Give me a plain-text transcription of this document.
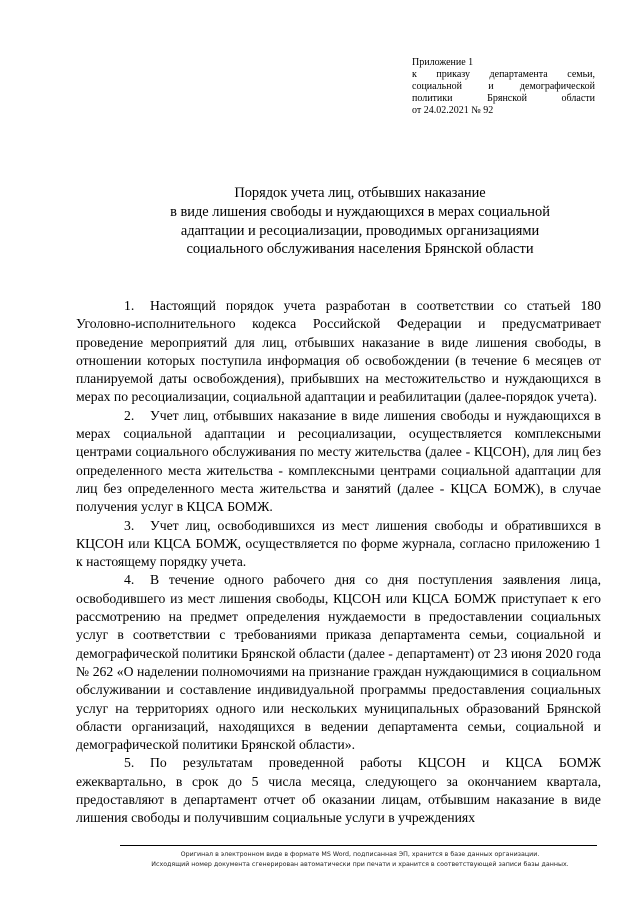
Приложение 1
к приказу департамента семьи,
социальной и демографической
политики Брянской области
от 24.02.2021 № 92
Порядок учета лиц, отбывших наказание
в виде лишения свободы и нуждающихся в мерах социальной
адаптации и ресоциализации, проводимых организациями
социального обслуживания населения Брянской области

1. Настоящий порядок учета разработан в соответствии со статьей 180 Уголовно-исполнительного кодекса Российской Федерации и предусматривает проведение мероприятий для лиц, отбывших наказание в виде лишения свободы, в отношении которых поступила информация об освобождении (в течение 6 месяцев от планируемой даты освобождения), прибывших на местожительство и нуждающихся в мерах по ресоциализации, социальной адаптации и реабилитации (далее-порядок учета).

2. Учет лиц, отбывших наказание в виде лишения свободы и нуждающихся в мерах социальной адаптации и ресоциализации, осуществляется комплексными центрами социального обслуживания по месту жительства (далее - КЦСОН), для лиц без определенного места жительства - комплексными центрами социальной адаптации для лиц без определенного места жительства и занятий (далее - КЦСА БОМЖ), в случае получения услуг в КЦСА БОМЖ.

3. Учет лиц, освободившихся из мест лишения свободы и обратившихся в КЦСОН или КЦСА БОМЖ, осуществляется по форме журнала, согласно приложению 1 к настоящему порядку учета.

4. В течение одного рабочего дня со дня поступления заявления лица, освободившего из мест лишения свободы, КЦСОН или КЦСА БОМЖ приступает к его рассмотрению на предмет определения нуждаемости в предоставлении социальных услуг в соответствии с требованиями приказа департамента семьи, социальной и демографической политики Брянской области (далее - департамент) от 23 июня 2020 года № 262 «О наделении полномочиями на признание граждан нуждающимися в социальном обслуживании и составление индивидуальной программы предоставления социальных услуг на территориях одного или нескольких муниципальных образований Брянской области организаций, находящихся в ведении департамента семьи, социальной и демографической политики Брянской области».

5. По результатам проведенной работы КЦСОН и КЦСА БОМЖ ежеквартально, в срок до 5 числа месяца, следующего за окончанием квартала, предоставляют в департамент отчет об оказании лицам, отбывшим наказание в виде лишения свободы и получившим социальные услуги в учреждениях

Оригинал в электронном виде в формате MS Word, подписанная ЭП, хранится в базе данных организации.
Исходящий номер документа сгенерирован автоматически при печати и хранится в соответствующей записи базы данных.
